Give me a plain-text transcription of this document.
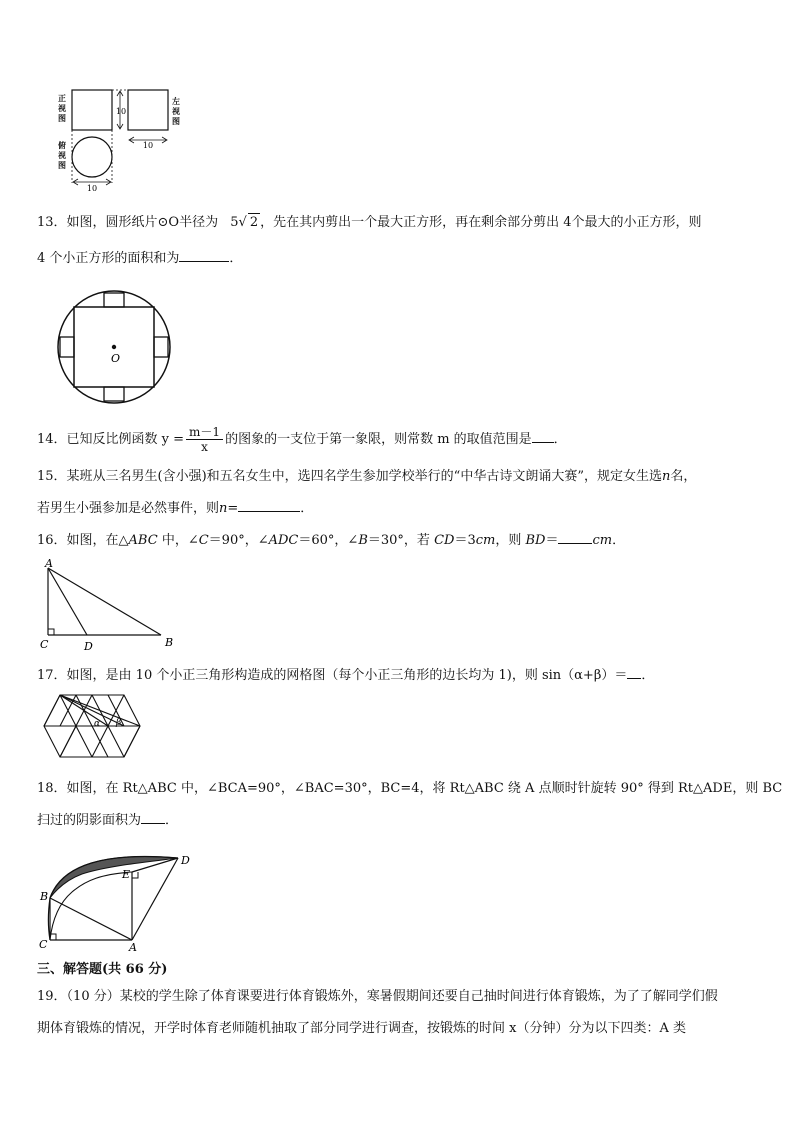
10
10
10
正视图
左视图
俯视图
13．如图，圆形纸片⊙O半径为 5√ 2 ，先在其内剪出一个最大正方形，再在剩余部分剪出 4个最大的小正方形，则
4 个小正方形的面积和为	．
O
14．已知反比例函数 $y = \frac{m-1}{x}$ 的图象的一支位于第一象限，则常数 m 的取值范围是 ．
15．某班从三名男生(含小强)和五名女生中，选四名学生参加学校举行的“中华古诗文朗诵大赛”，规定女生选n名，
若男生小强参加是必然事件，则n=	．
16．如图，在△ABC 中，∠C＝90°，∠ADC＝60°，∠B＝30°，若 CD＝3cm，则 BD＝	cm．
A
C	D	B
17．如图，是由 10 个小正三角形构造成的网格图（每个小正三角形的边长均为 1)，则 sin（α+β）＝ ．
α β
18．如图，在 Rt△ABC 中，∠BCA=90°，∠BAC=30°，BC=4，将 Rt△ABC 绕 A 点顺时针旋转 90° 得到 Rt△ADE，则 BC
扫过的阴影面积为 ．
B
C	A
E
D
三、解答题(共 66 分)
19．（10 分）某校的学生除了体育课要进行体育锻炼外，寒暑假期间还要自己抽时间进行体育锻炼，为了了解同学们假
期体育锻炼的情况，开学时体育老师随机抽取了部分同学进行调查，按锻炼的时间 x（分钟）分为以下四类：A 类
